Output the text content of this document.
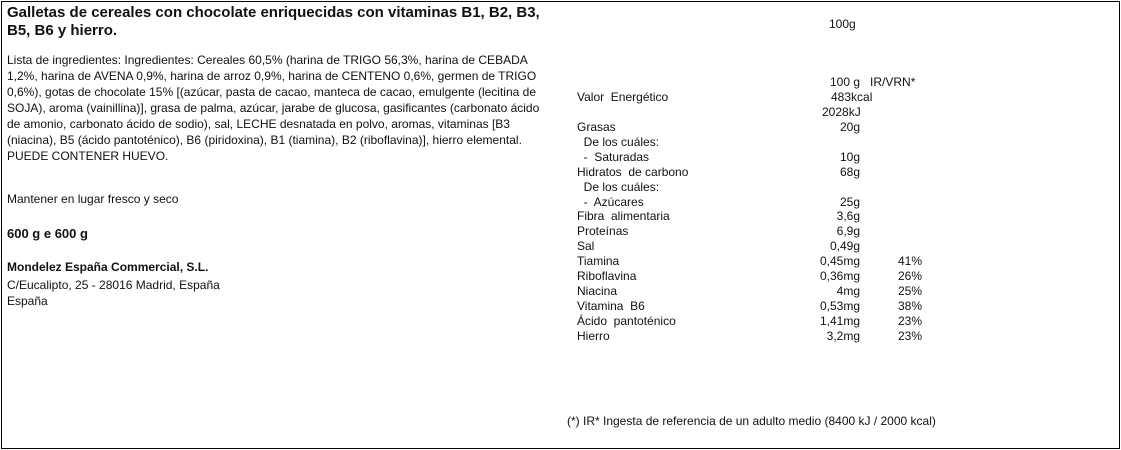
Galletas de cereales con chocolate enriquecidas con vitaminas B1, B2, B3, B5, B6 y hierro.
Lista de ingredientes: Ingredientes: Cereales 60,5% (harina de TRIGO 56,3%, harina de CEBADA 1,2%, harina de AVENA 0,9%, harina de arroz 0,9%, harina de CENTENO 0,6%, germen de TRIGO 0,6%), gotas de chocolate 15% [(azúcar, pasta de cacao, manteca de cacao, emulgente (lecitina de SOJA), aroma (vainillina)], grasa de palma, azúcar, jarabe de glucosa, gasificantes (carbonato ácido de amonio, carbonato ácido de sodio), sal, LECHE desnatada en polvo, aromas, vitaminas [B3 (niacina), B5 (ácido pantoténico), B6 (piridoxina), B1 (tiamina), B2 (riboflavina)], hierro elemental. PUEDE CONTENER HUEVO.
Mantener en lugar fresco y seco
600 g e 600 g
Mondelez España Commercial, S.L.
C/Eucalipto, 25 - 28016 Madrid, España
España
100g
100 g   IR/VRN*
Valor  Energético	483kcal
2028kJ
Grasas	20g
De los cuáles:
-  Saturadas	10g
Hidratos  de carbono	68g
De los cuáles:
-  Azúcares	25g
Fibra  alimentaria	3,6g
Proteínas	6,9g
Sal	0,49g
Tiamina	0,45mg	41%
Riboflavina	0,36mg	26%
Niacina	4mg	25%
Vitamina  B6	0,53mg	38%
Ácido  pantoténico	1,41mg	23%
Hierro	3,2mg	23%
(*) IR* Ingesta de referencia de un adulto medio (8400 kJ / 2000 kcal)
